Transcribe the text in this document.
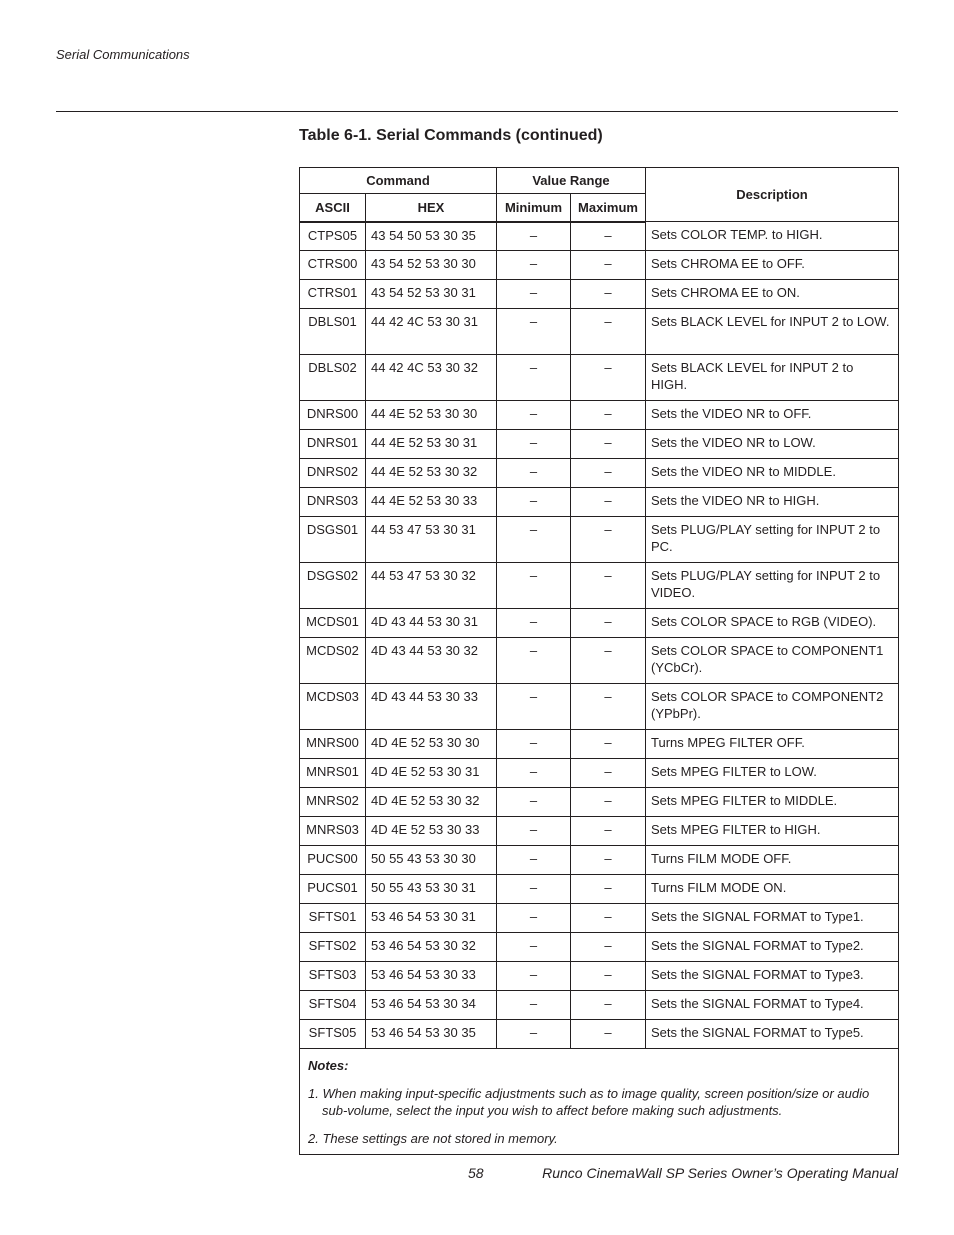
Serial Communications
Table 6-1. Serial Commands (continued)
Command		Value Range		Description
ASCII	HEX	Minimum	Maximum	
CTPS05	43 54 50 53 30 35	–	–	Sets COLOR TEMP. to HIGH.
CTRS00	43 54 52 53 30 30	–	–	Sets CHROMA EE to OFF.
CTRS01	43 54 52 53 30 31	–	–	Sets CHROMA EE to ON.
DBLS01	44 42 4C 53 30 31	–	–	Sets BLACK LEVEL for INPUT 2 to LOW.
DBLS02	44 42 4C 53 30 32	–	–	Sets BLACK LEVEL for INPUT 2 to HIGH.
DNRS00	44 4E 52 53 30 30	–	–	Sets the VIDEO NR to OFF.
DNRS01	44 4E 52 53 30 31	–	–	Sets the VIDEO NR to LOW.
DNRS02	44 4E 52 53 30 32	–	–	Sets the VIDEO NR to MIDDLE.
DNRS03	44 4E 52 53 30 33	–	–	Sets the VIDEO NR to HIGH.
DSGS01	44 53 47 53 30 31	–	–	Sets PLUG/PLAY setting for INPUT 2 to PC.
DSGS02	44 53 47 53 30 32	–	–	Sets PLUG/PLAY setting for INPUT 2 to VIDEO.
MCDS01	4D 43 44 53 30 31	–	–	Sets COLOR SPACE to RGB (VIDEO).
MCDS02	4D 43 44 53 30 32	–	–	Sets COLOR SPACE to COMPONENT1 (YCbCr).
MCDS03	4D 43 44 53 30 33	–	–	Sets COLOR SPACE to COMPONENT2 (YPbPr).
MNRS00	4D 4E 52 53 30 30	–	–	Turns MPEG FILTER OFF.
MNRS01	4D 4E 52 53 30 31	–	–	Sets MPEG FILTER to LOW.
MNRS02	4D 4E 52 53 30 32	–	–	Sets MPEG FILTER to MIDDLE.
MNRS03	4D 4E 52 53 30 33	–	–	Sets MPEG FILTER to HIGH.
PUCS00	50 55 43 53 30 30	–	–	Turns FILM MODE OFF.
PUCS01	50 55 43 53 30 31	–	–	Turns FILM MODE ON.
SFTS01	53 46 54 53 30 31	–	–	Sets the SIGNAL FORMAT to Type1.
SFTS02	53 46 54 53 30 32	–	–	Sets the SIGNAL FORMAT to Type2.
SFTS03	53 46 54 53 30 33	–	–	Sets the SIGNAL FORMAT to Type3.
SFTS04	53 46 54 53 30 34	–	–	Sets the SIGNAL FORMAT to Type4.
SFTS05	53 46 54 53 30 35	–	–	Sets the SIGNAL FORMAT to Type5.

Notes:
1. When making input-specific adjustments such as to image quality, screen position/size or audio sub-volume, select the input you wish to affect before making such adjustments.
2. These settings are not stored in memory.				
58	Runco CinemaWall SP Series Owner’s Operating Manual
